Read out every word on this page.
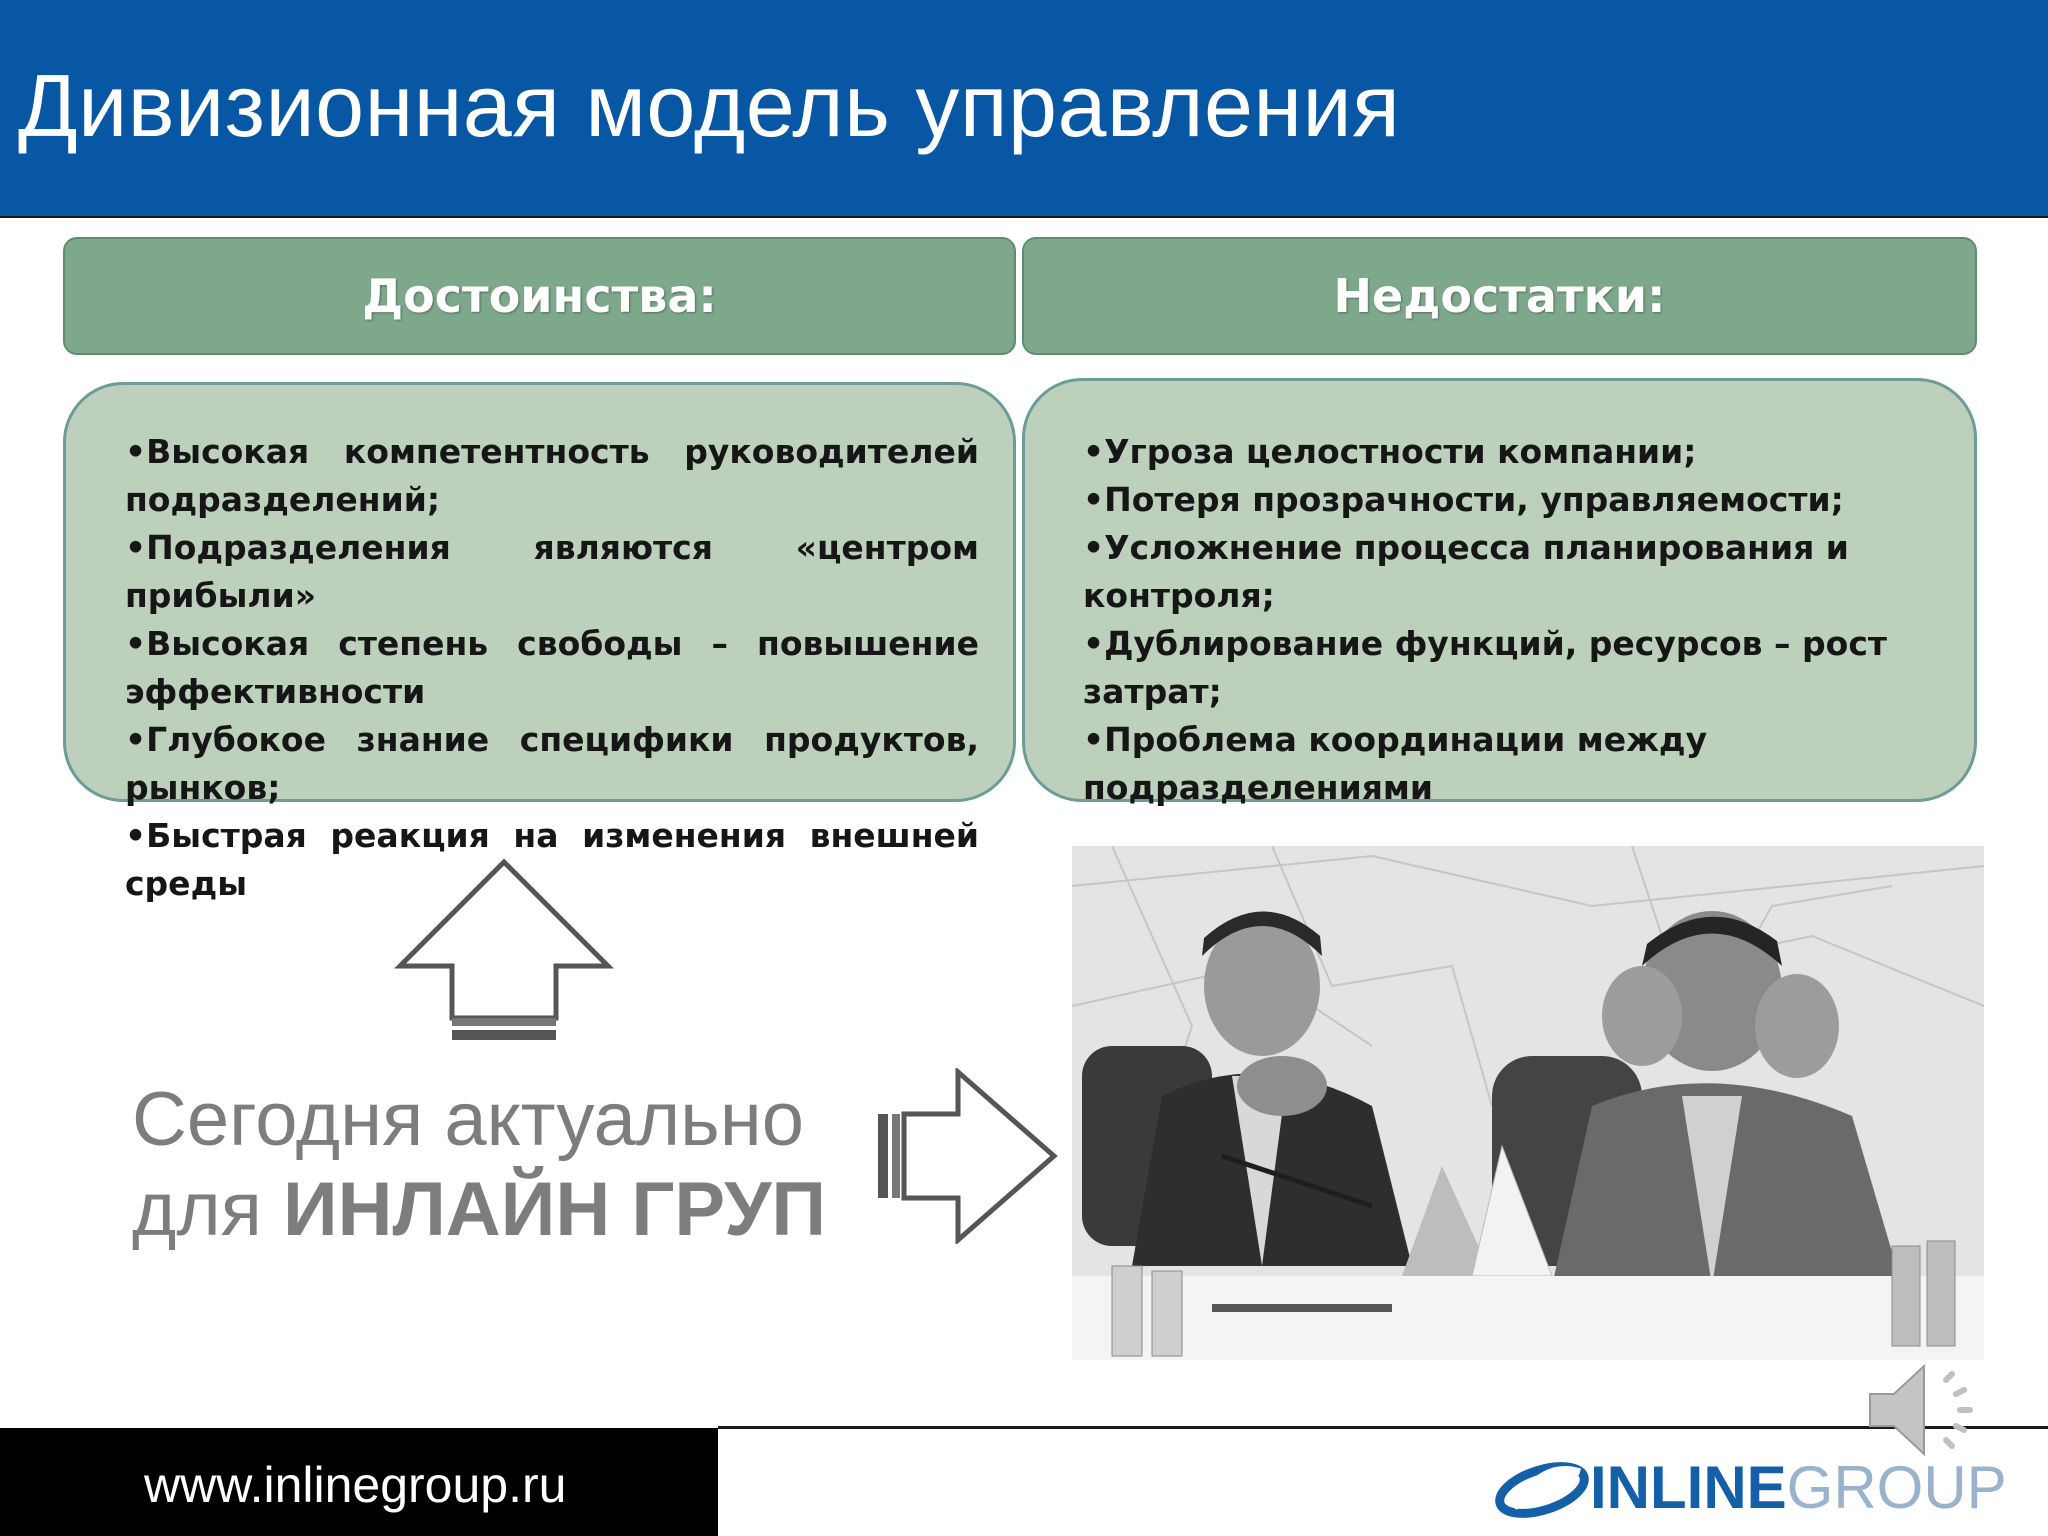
Дивизионная модель управления
Достоинства:
• Высокая компетентность руководителей подразделений;
• Подразделения являются «центром прибыли»
• Высокая степень свободы – повышение эффективности
• Глубокое знание специфики продуктов, рынков;
• Быстрая реакция на изменения внешней среды
Недостатки:
• Угроза целостности компании;
• Потеря прозрачности, управляемости;
• Усложнение процесса планирования и контроля;
• Дублирование функций, ресурсов – рост затрат;
• Проблема координации между подразделениями
Сегодня актуально
для ИНЛАЙН ГРУП
www.inlinegroup.ru	INLINE GROUP
